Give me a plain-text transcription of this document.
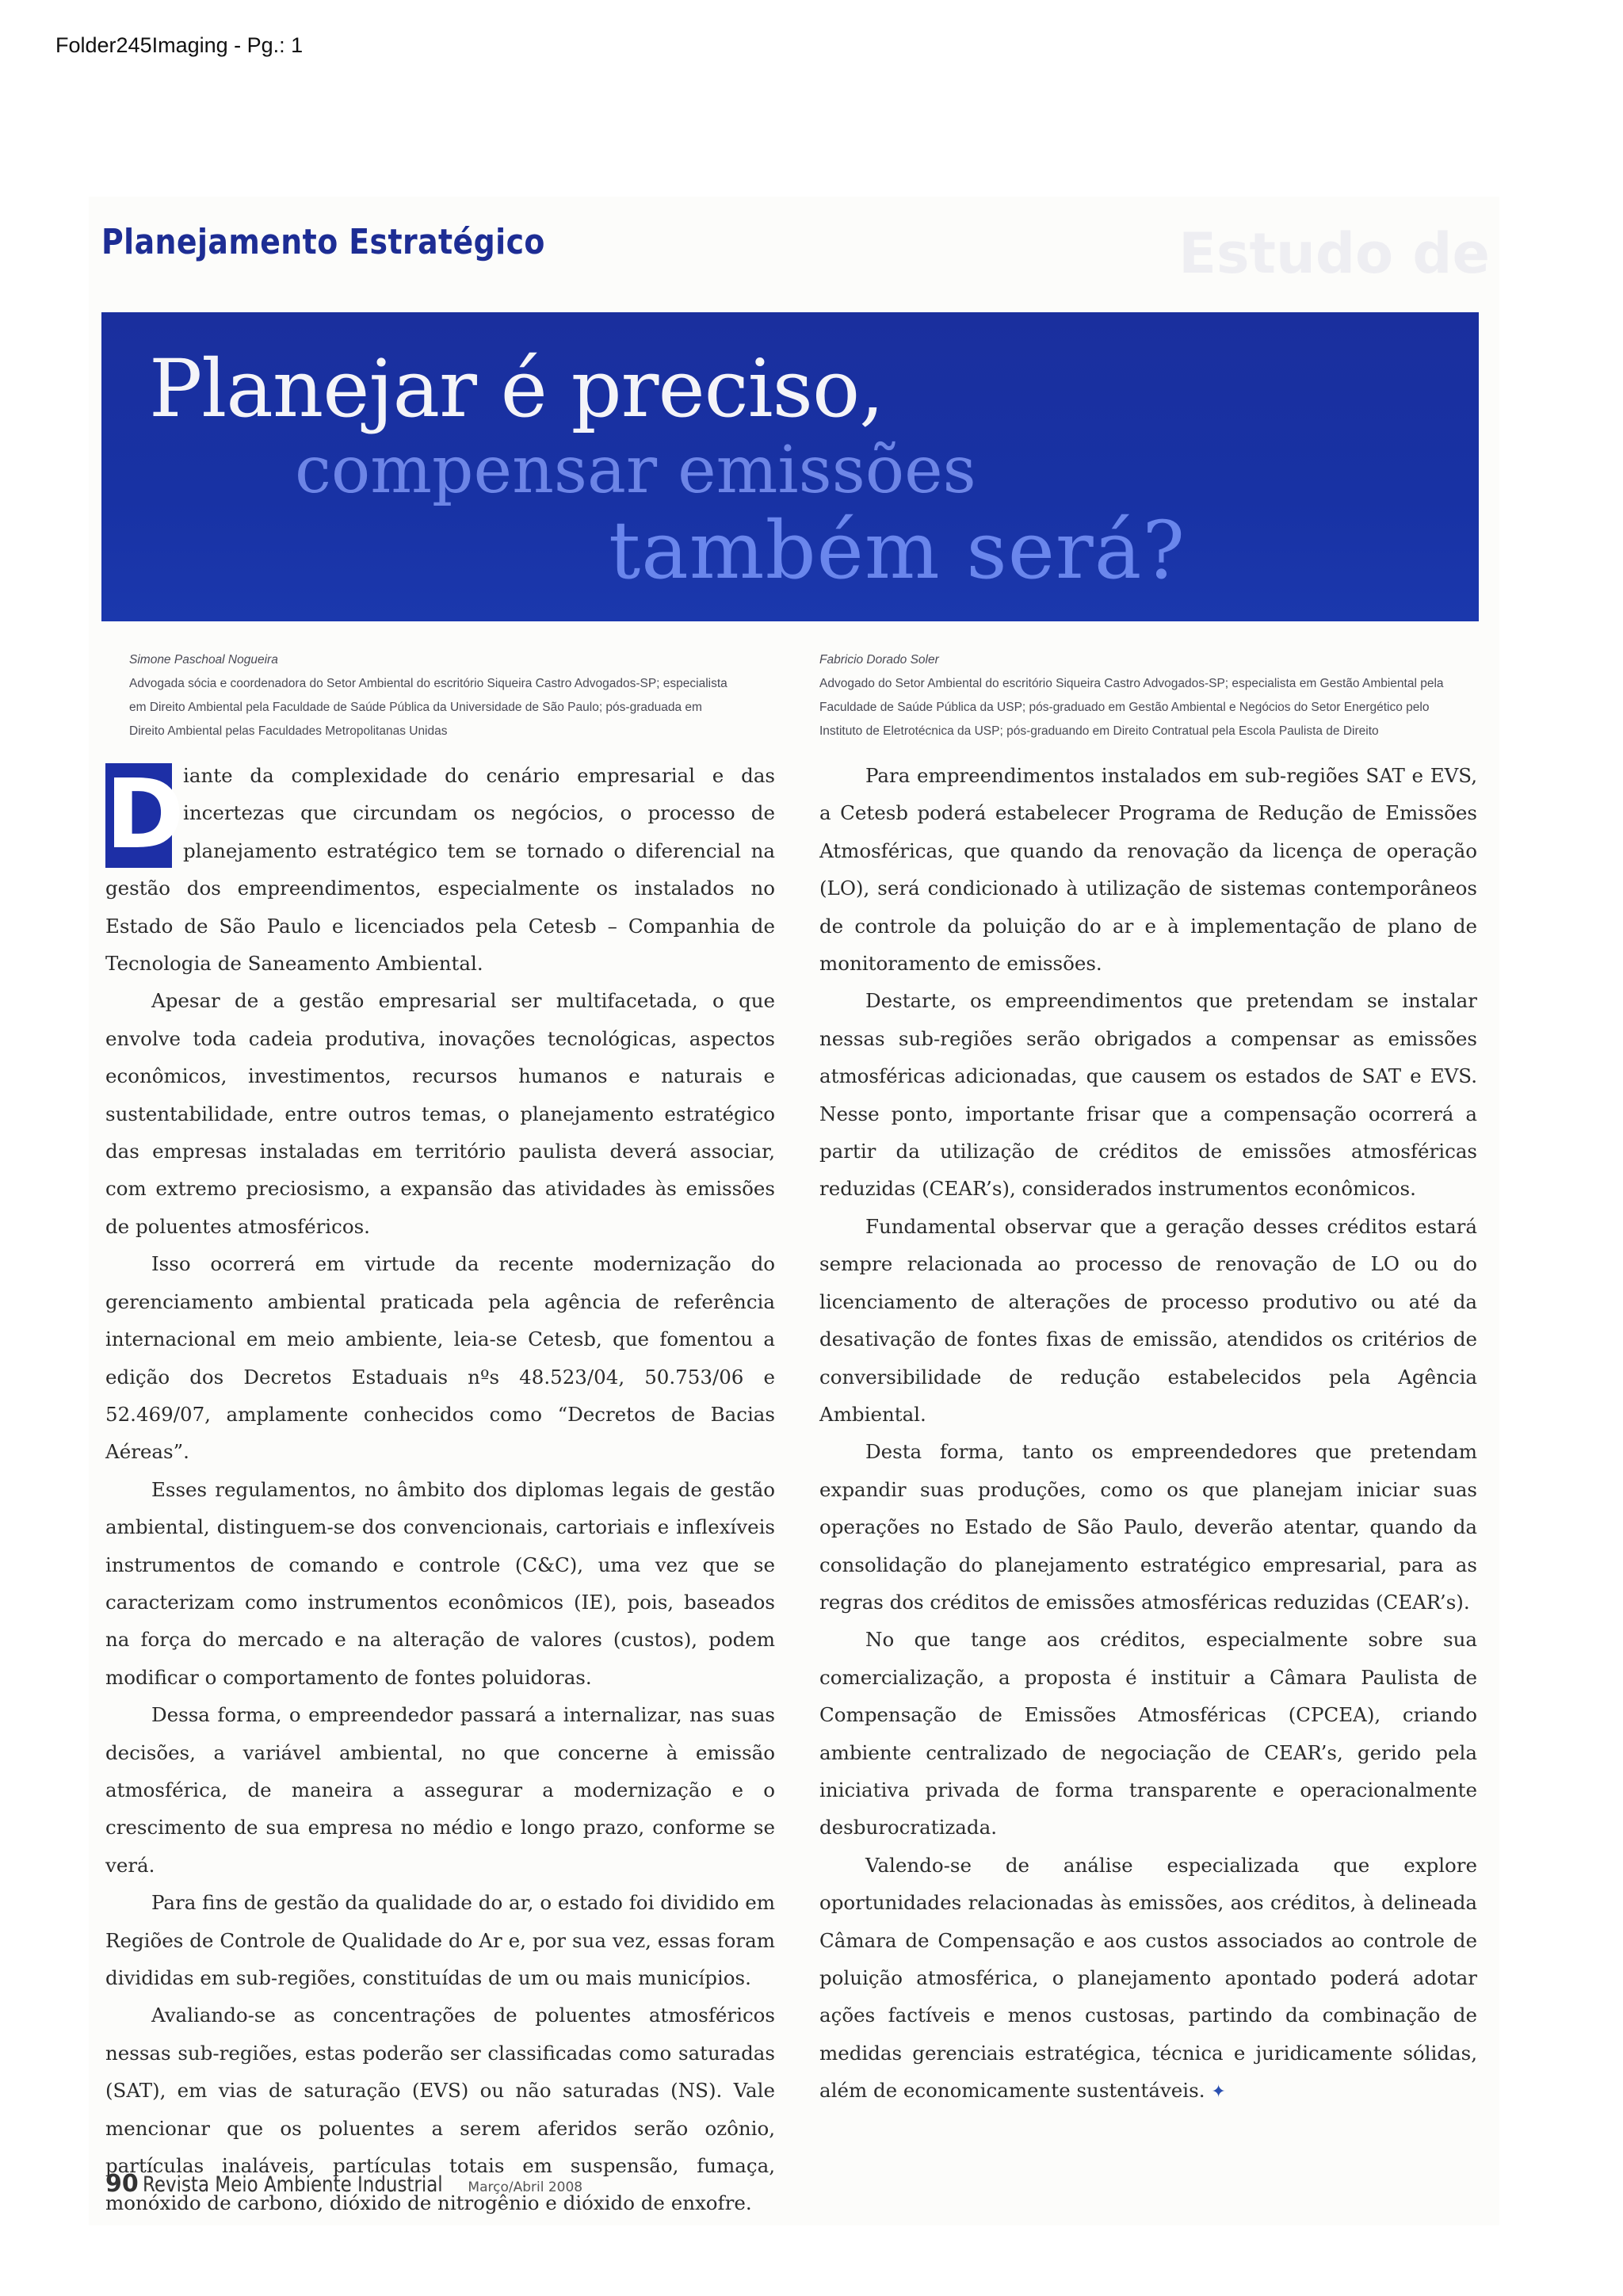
Folder245Imaging - Pg.: 1
Estudo de
Planejamento Estratégico
Planejar é preciso,
compensar emissões
também será?
Simone Paschoal Nogueira
Advogada sócia e coordenadora do Setor Ambiental do escritório Siqueira Castro Advogados-SP; especialista
em Direito Ambiental pela Faculdade de Saúde Pública da Universidade de São Paulo; pós-graduada em
Direito Ambiental pelas Faculdades Metropolitanas Unidas
Fabricio Dorado Soler
Advogado do Setor Ambiental do escritório Siqueira Castro Advogados-SP; especialista em Gestão Ambiental pela
Faculdade de Saúde Pública da USP; pós-graduado em Gestão Ambiental e Negócios do Setor Energético pelo
Instituto de Eletrotécnica da USP; pós-graduando em Direito Contratual pela Escola Paulista de Direito

D
iante da complexidade do cenário empresarial e das incertezas que circundam os negócios, o processo de planejamento estratégico tem se tornado o diferencial na gestão dos empreendimentos, especialmente os instalados no Estado de São Paulo e licenciados pela Cetesb – Companhia de Tecnologia de Saneamento Ambiental.

Apesar de a gestão empresarial ser multifacetada, o que envolve toda cadeia produtiva, inovações tecnológicas, aspectos econômicos, investimentos, recursos humanos e naturais e sustentabilidade, entre outros temas, o planejamento estratégico das empresas instaladas em território paulista deverá associar, com extremo preciosismo, a expansão das atividades às emissões de poluentes atmosféricos.

Isso ocorrerá em virtude da recente modernização do gerenciamento ambiental praticada pela agência de referência internacional em meio ambiente, leia-se Cetesb, que fomentou a edição dos Decretos Estaduais nºs 48.523/04, 50.753/06 e 52.469/07, amplamente conhecidos como “Decretos de Bacias Aéreas”.

Esses regulamentos, no âmbito dos diplomas legais de gestão ambiental, distinguem-se dos convencionais, cartoriais e inflexíveis instrumentos de comando e controle (C&C), uma vez que se caracterizam como instrumentos econômicos (IE), pois, baseados na força do mercado e na alteração de valores (custos), podem modificar o comportamento de fontes poluidoras.

Dessa forma, o empreendedor passará a internalizar, nas suas decisões, a variável ambiental, no que concerne à emissão atmosférica, de maneira a assegurar a modernização e o crescimento de sua empresa no médio e longo prazo, conforme se verá.

Para fins de gestão da qualidade do ar, o estado foi dividido em Regiões de Controle de Qualidade do Ar e, por sua vez, essas foram divididas em sub-regiões, constituídas de um ou mais municípios.

Avaliando-se as concentrações de poluentes atmosféricos nessas sub-regiões, estas poderão ser classificadas como saturadas (SAT), em vias de saturação (EVS) ou não saturadas (NS). Vale mencionar que os poluentes a serem aferidos serão ozônio, partículas inaláveis, partículas totais em suspensão, fumaça, monóxido de carbono, dióxido de nitrogênio e dióxido de enxofre.

Para empreendimentos instalados em sub-regiões SAT e EVS, a Cetesb poderá estabelecer Programa de Redução de Emissões Atmosféricas, que quando da renovação da licença de operação (LO), será condicionado à utilização de sistemas contemporâneos de controle da poluição do ar e à implementação de plano de monitoramento de emissões.

Destarte, os empreendimentos que pretendam se instalar nessas sub-regiões serão obrigados a compensar as emissões atmosféricas adicionadas, que causem os estados de SAT e EVS. Nesse ponto, importante frisar que a compensação ocorrerá a partir da utilização de créditos de emissões atmosféricas reduzidas (CEAR’s), considerados instrumentos econômicos.

Fundamental observar que a geração desses créditos estará sempre relacionada ao processo de renovação de LO ou do licenciamento de alterações de processo produtivo ou até da desativação de fontes fixas de emissão, atendidos os critérios de conversibilidade de redução estabelecidos pela Agência Ambiental.

Desta forma, tanto os empreendedores que pretendam expandir suas produções, como os que planejam iniciar suas operações no Estado de São Paulo, deverão atentar, quando da consolidação do planejamento estratégico empresarial, para as regras dos créditos de emissões atmosféricas reduzidas (CEAR’s).

No que tange aos créditos, especialmente sobre sua comercialização, a proposta é instituir a Câmara Paulista de Compensação de Emissões Atmosféricas (CPCEA), criando ambiente centralizado de negociação de CEAR’s, gerido pela iniciativa privada de forma transparente e operacionalmente desburocratizada.

Valendo-se de análise especializada que explore oportunidades relacionadas às emissões, aos créditos, à delineada Câmara de Compensação e aos custos associados ao controle de poluição atmosférica, o planejamento apontado poderá adotar ações factíveis e menos custosas, partindo da combinação de medidas gerenciais estratégica, técnica e juridicamente sólidas, além de economicamente sustentáveis. ✦

90 Revista Meio Ambiente Industrial Março/Abril 2008
